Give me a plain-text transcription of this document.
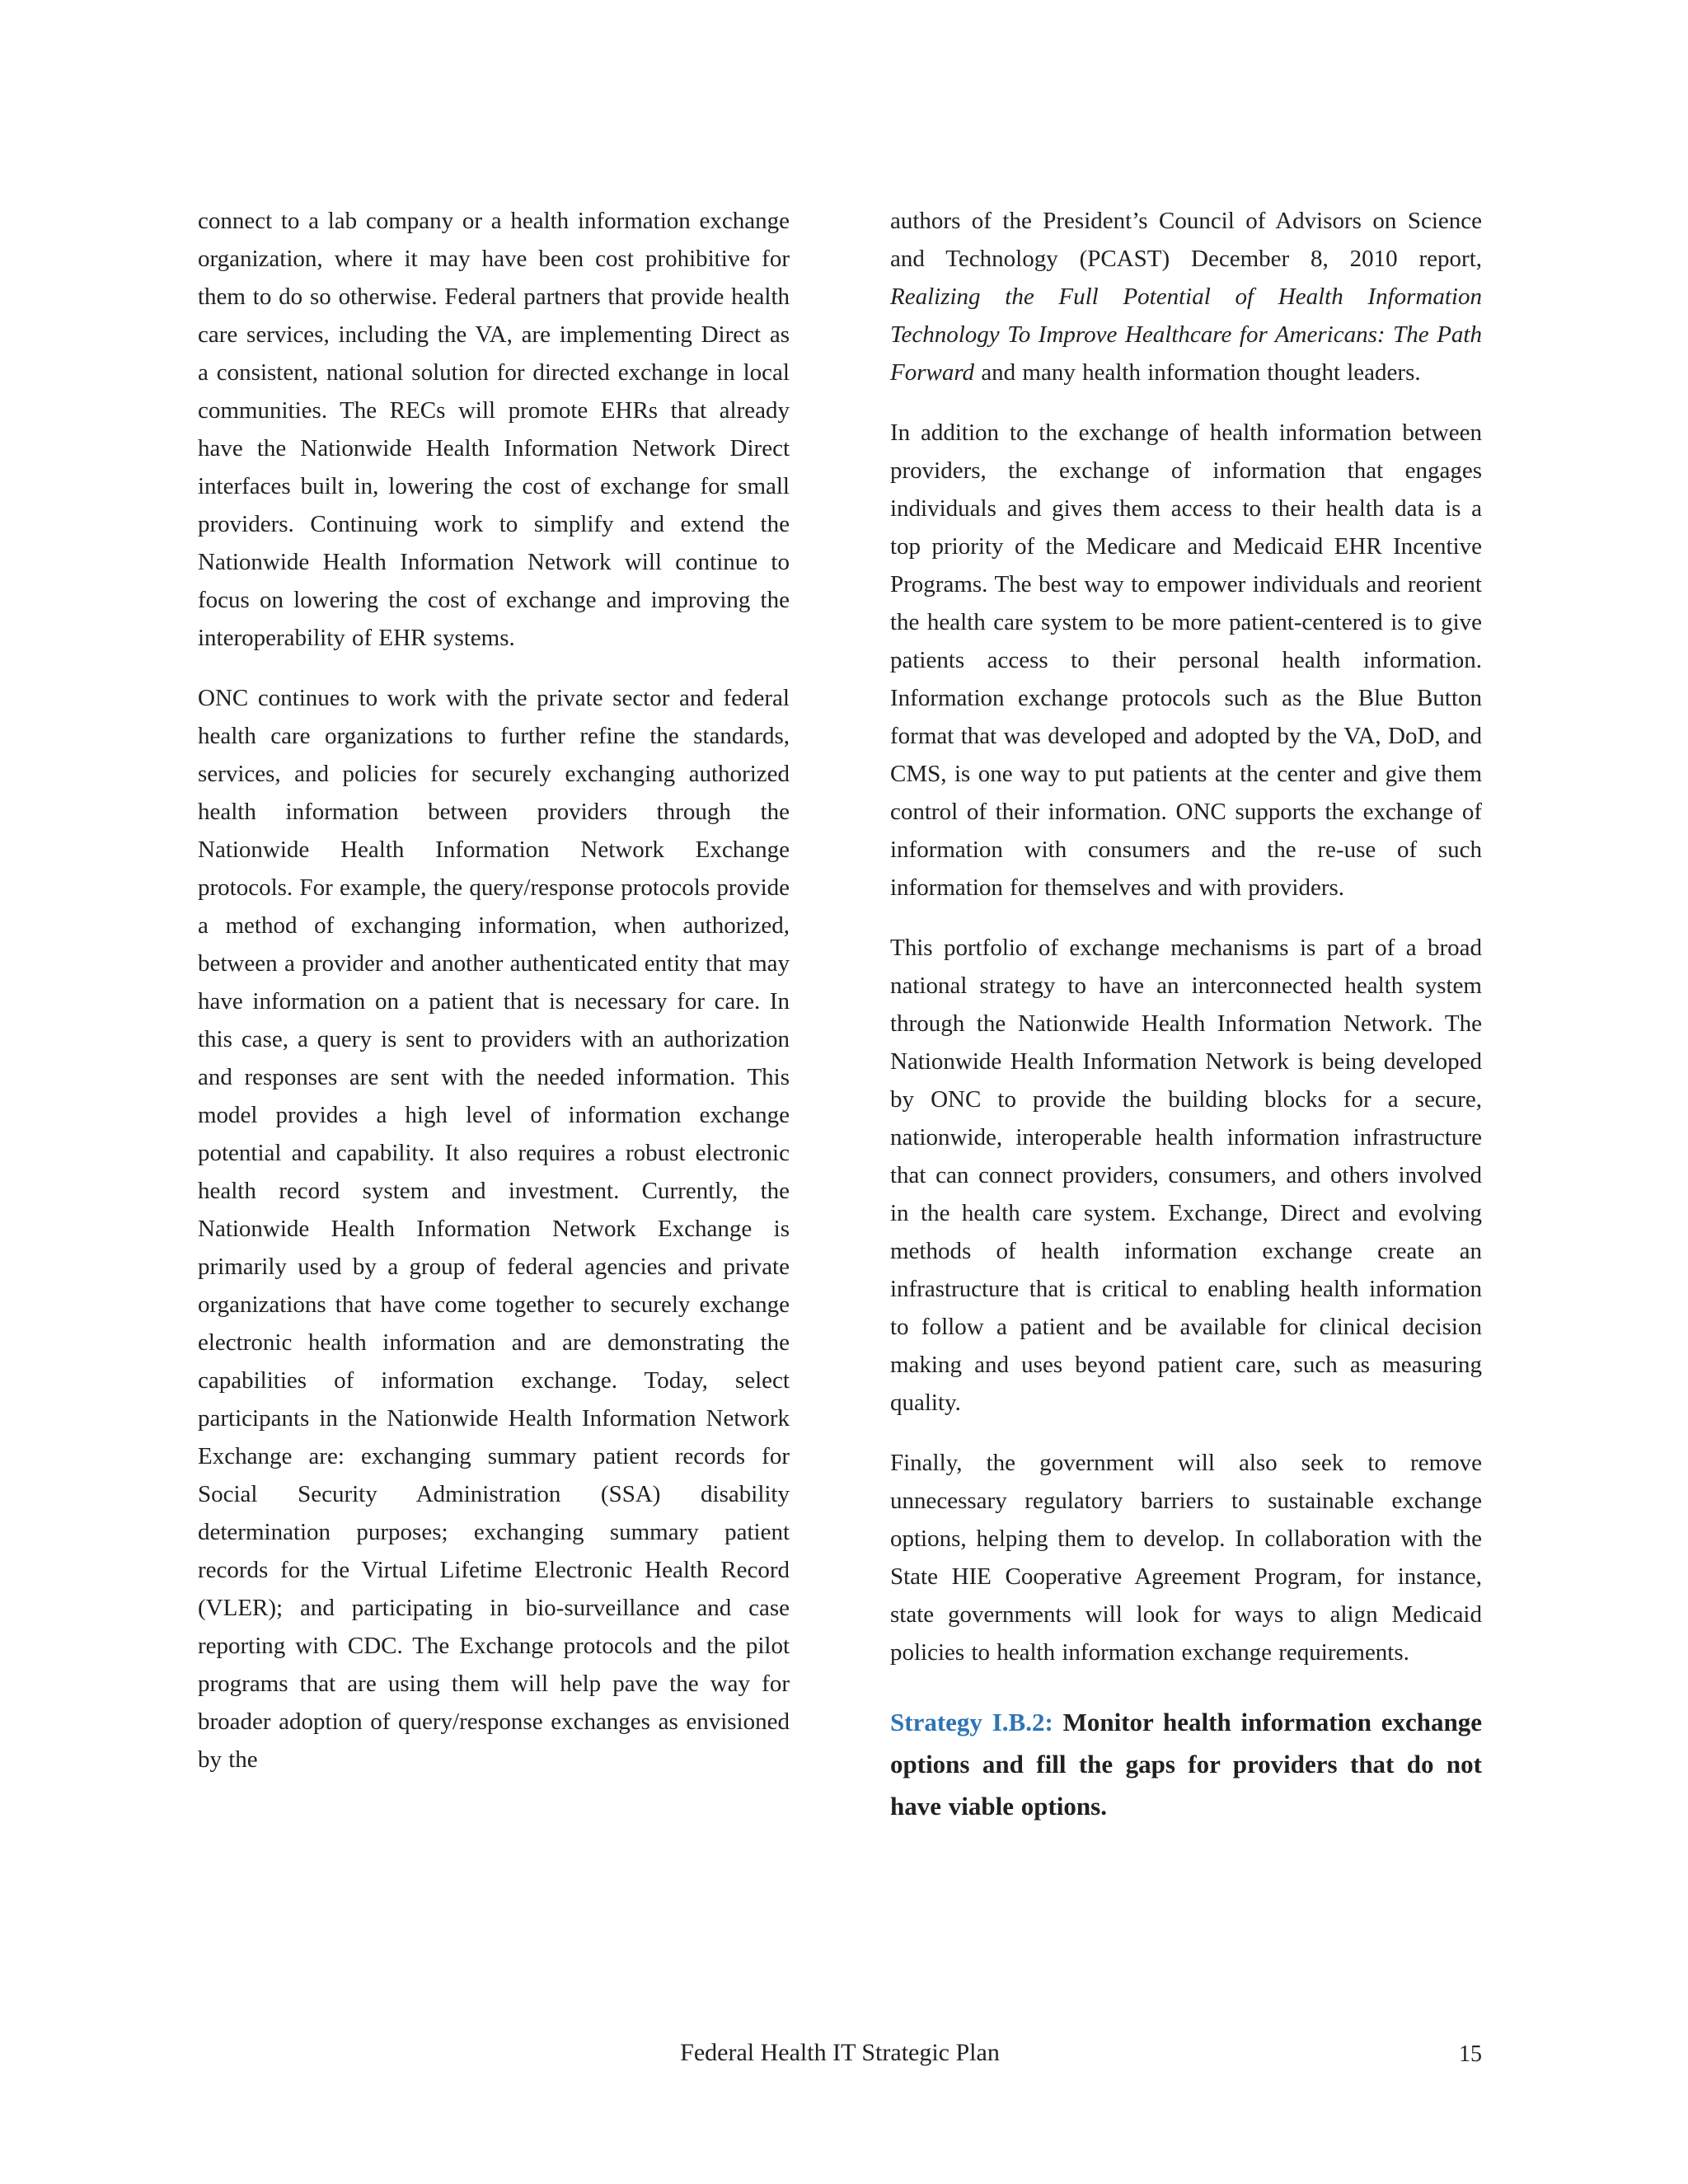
connect to a lab company or a health information exchange organization, where it may have been cost prohibitive for them to do so otherwise. Federal partners that provide health care services, including the VA, are implementing Direct as a consistent, national solution for directed exchange in local communities. The RECs will promote EHRs that already have the Nationwide Health Information Network Direct interfaces built in, lowering the cost of exchange for small providers. Continuing work to simplify and extend the Nationwide Health Information Network will continue to focus on lowering the cost of exchange and improving the interoperability of EHR systems.

ONC continues to work with the private sector and federal health care organizations to further refine the standards, services, and policies for securely exchanging authorized health information between providers through the Nationwide Health Information Network Exchange protocols. For example, the query/response protocols provide a method of exchanging information, when authorized, between a provider and another authenticated entity that may have information on a patient that is necessary for care. In this case, a query is sent to providers with an authorization and responses are sent with the needed information. This model provides a high level of information exchange potential and capability. It also requires a robust electronic health record system and investment. Currently, the Nationwide Health Information Network Exchange is primarily used by a group of federal agencies and private organizations that have come together to securely exchange electronic health information and are demonstrating the capabilities of information exchange. Today, select participants in the Nationwide Health Information Network Exchange are: exchanging summary patient records for Social Security Administration (SSA) disability determination purposes; exchanging summary patient records for the Virtual Lifetime Electronic Health Record (VLER); and participating in bio-surveillance and case reporting with CDC. The Exchange protocols and the pilot programs that are using them will help pave the way for broader adoption of query/response exchanges as envisioned by the

authors of the President’s Council of Advisors on Science and Technology (PCAST) December 8, 2010 report, Realizing the Full Potential of Health Information Technology To Improve Healthcare for Americans: The Path Forward and many health information thought leaders.

In addition to the exchange of health information between providers, the exchange of information that engages individuals and gives them access to their health data is a top priority of the Medicare and Medicaid EHR Incentive Programs. The best way to empower individuals and reorient the health care system to be more patient-centered is to give patients access to their personal health information. Information exchange protocols such as the Blue Button format that was developed and adopted by the VA, DoD, and CMS, is one way to put patients at the center and give them control of their information. ONC supports the exchange of information with consumers and the re-use of such information for themselves and with providers.

This portfolio of exchange mechanisms is part of a broad national strategy to have an interconnected health system through the Nationwide Health Information Network. The Nationwide Health Information Network is being developed by ONC to provide the building blocks for a secure, nationwide, interoperable health information infrastructure that can connect providers, consumers, and others involved in the health care system. Exchange, Direct and evolving methods of health information exchange create an infrastructure that is critical to enabling health information to follow a patient and be available for clinical decision making and uses beyond patient care, such as measuring quality.

Finally, the government will also seek to remove unnecessary regulatory barriers to sustainable exchange options, helping them to develop. In collaboration with the State HIE Cooperative Agreement Program, for instance, state governments will look for ways to align Medicaid policies to health information exchange requirements.

Strategy I.B.2: Monitor health information exchange options and fill the gaps for providers that do not have viable options.

Federal Health IT Strategic Plan	15
